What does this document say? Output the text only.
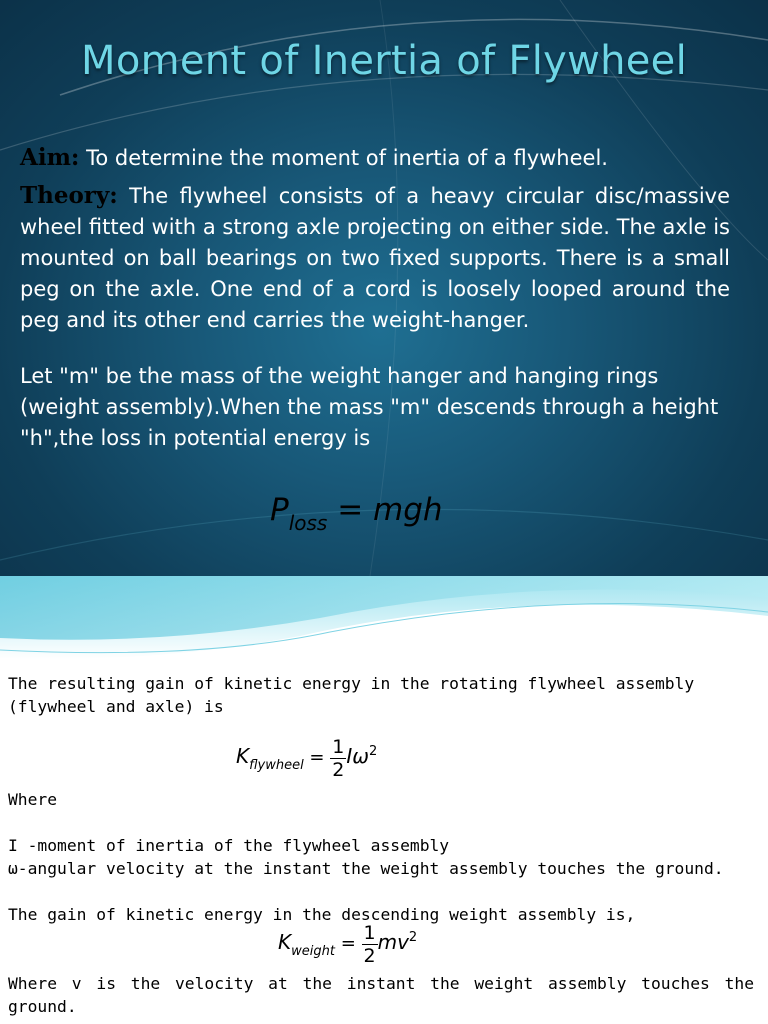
Moment of Inertia of Flywheel

Aim: To determine the moment of inertia of a flywheel.

Theory: The flywheel consists of a heavy circular disc/massive wheel fitted with a strong axle projecting on either side. The axle is mounted on ball bearings on two fixed supports. There is a small peg on the axle. One end of a cord is loosely looped around the peg and its other end carries the weight-hanger.

Let "m" be the mass of the weight hanger and hanging rings (weight assembly).When the mass "m" descends through a height "h",the loss in potential energy is

$P_{loss}$ = mgh

The resulting gain of kinetic energy in the rotating flywheel assembly

(flywheel and axle) is

$K_{flywheel} = \frac{1}{2} I\omega^2$

Where

I -moment of inertia of the flywheel assembly

ω-angular velocity at the instant the weight assembly touches the ground.

The gain of kinetic energy in the descending weight assembly is,

$K_{weight} = \frac{1}{2} mv^2$

Where v is the velocity at the instant the weight assembly touches the

ground.
